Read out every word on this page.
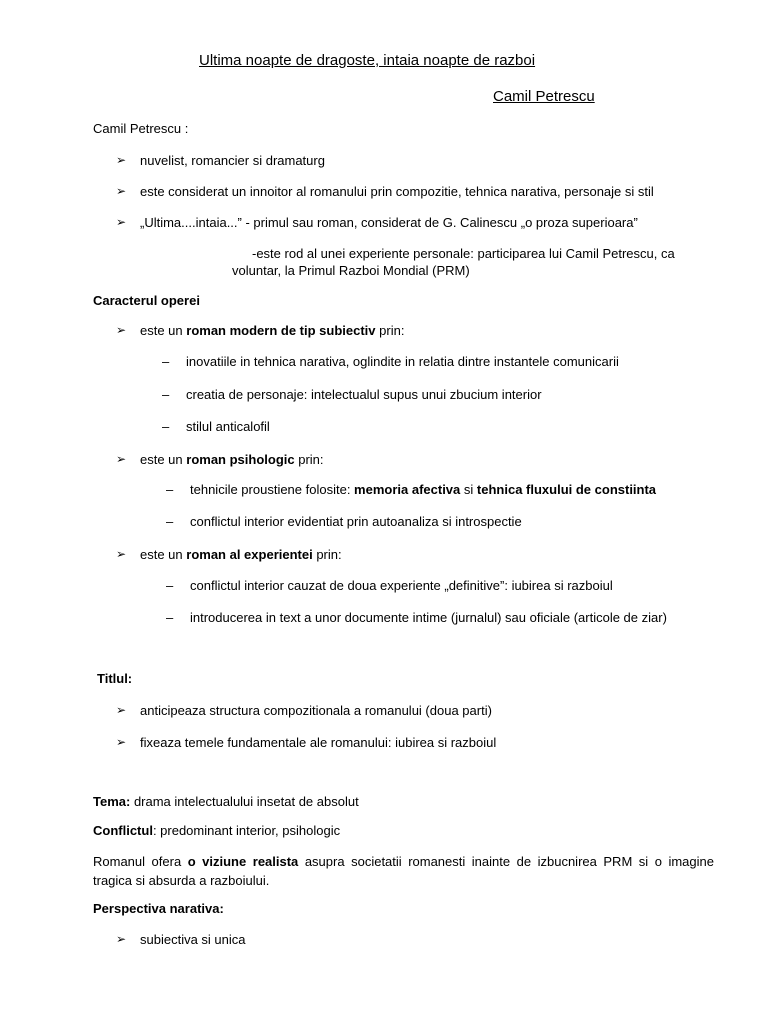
Ultima noapte de dragoste, intaia noapte de razboi
Camil Petrescu
Camil Petrescu :
➢ nuvelist, romancier si dramaturg
➢ este considerat un innoitor al romanului prin compozitie, tehnica narativa, personaje si stil
➢ „Ultima....intaia...” - primul sau roman, considerat de G. Calinescu „o proza superioara”
-este rod al unei experiente personale: participarea lui Camil Petrescu, ca
voluntar, la Primul Razboi Mondial (PRM)
Caracterul operei
➢ este un roman modern de tip subiectiv prin:
– inovatiile in tehnica narativa, oglindite in relatia dintre instantele comunicarii
– creatia de personaje: intelectualul supus unui zbucium interior
– stilul anticalofil
➢ este un roman psihologic prin:
– tehnicile proustiene folosite: memoria afectiva si tehnica fluxului de constiinta
– conflictul interior evidentiat prin autoanaliza si introspectie
➢ este un roman al experientei prin:
– conflictul interior cauzat de doua experiente „definitive”: iubirea si razboiul
– introducerea in text a unor documente intime (jurnalul) sau oficiale (articole de ziar)
Titlul:
➢ anticipeaza structura compozitionala a romanului (doua parti)
➢ fixeaza temele fundamentale ale romanului: iubirea si razboiul
Tema: drama intelectualului insetat de absolut
Conflictul: predominant interior, psihologic
Romanul ofera o viziune realista asupra societatii romanesti inainte de izbucnirea PRM si o imagine tragica si absurda a razboiului.
Perspectiva narativa:
➢ subiectiva si unica
